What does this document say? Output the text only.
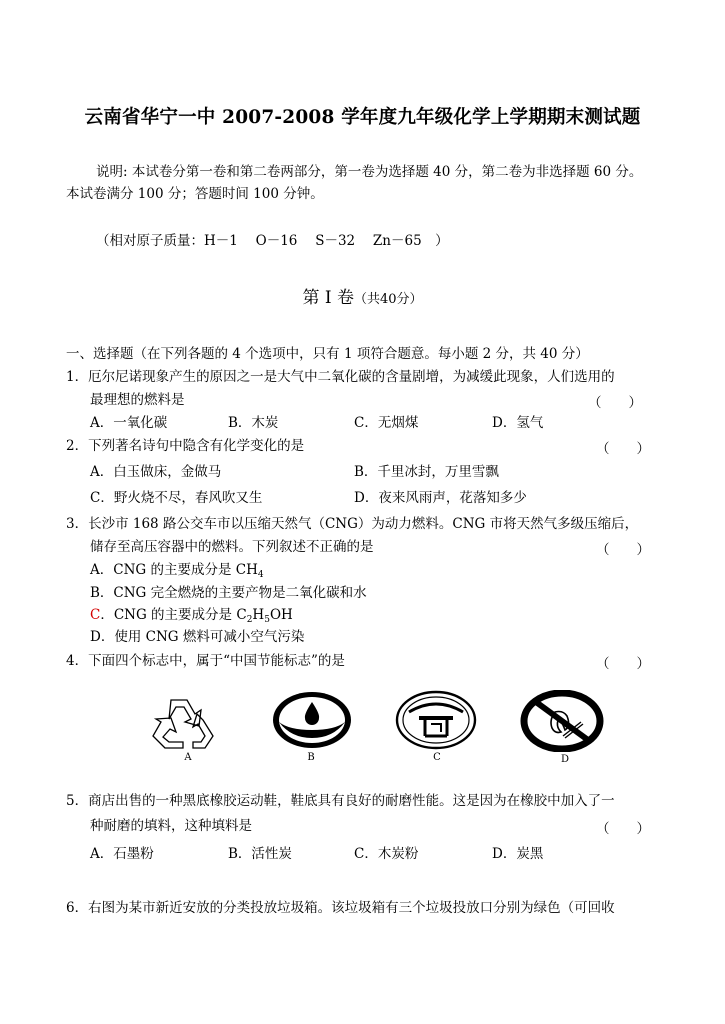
云南省华宁一中 2007-2008 学年度九年级化学上学期期末测试题
说明: 本试卷分第一卷和第二卷两部分，第一卷为选择题 40 分，第二卷为非选择题 60 分。
本试卷满分 100 分；答题时间 100 分钟。
（相对原子质量：H－1　 O－16　 S－32　 Zn－65　）
第 I 卷（共40分）
一、选择题（在下列各题的 4 个选项中，只有 1 项符合题意。每小题 2 分，共 40 分）
1．厄尔尼诺现象产生的原因之一是大气中二氧化碳的含量剧增，为减缓此现象，人们选用的
最理想的燃料是	（　　）
A．一氧化碳	B．木炭	C．无烟煤	D．氢气
2．下列著名诗句中隐含有化学变化的是	（　　）
A．白玉做床，金做马	B．千里冰封，万里雪飘
C．野火烧不尽，春风吹又生	D．夜来风雨声，花落知多少
3．长沙市 168 路公交车市以压缩天然气（CNG）为动力燃料。CNG 市将天然气多级压缩后，
储存至高压容器中的燃料。下列叙述不正确的是	（　　）
A．CNG 的主要成分是 $CH_4$
B．CNG 完全燃烧的主要产物是二氧化碳和水
C．CNG 的主要成分是 $C_2H_5OH$
D．使用 CNG 燃料可减小空气污染
4．下面四个标志中，属于“中国节能标志”的是	（　　）
A	B	C	D
5．商店出售的一种黑底橡胶运动鞋，鞋底具有良好的耐磨性能。这是因为在橡胶中加入了一
种耐磨的填料，这种填料是	（　　）
A．石墨粉	B．活性炭	C．木炭粉	D．炭黑
6．右图为某市新近安放的分类投放垃圾箱。该垃圾箱有三个垃圾投放口分别为绿色（可回收
